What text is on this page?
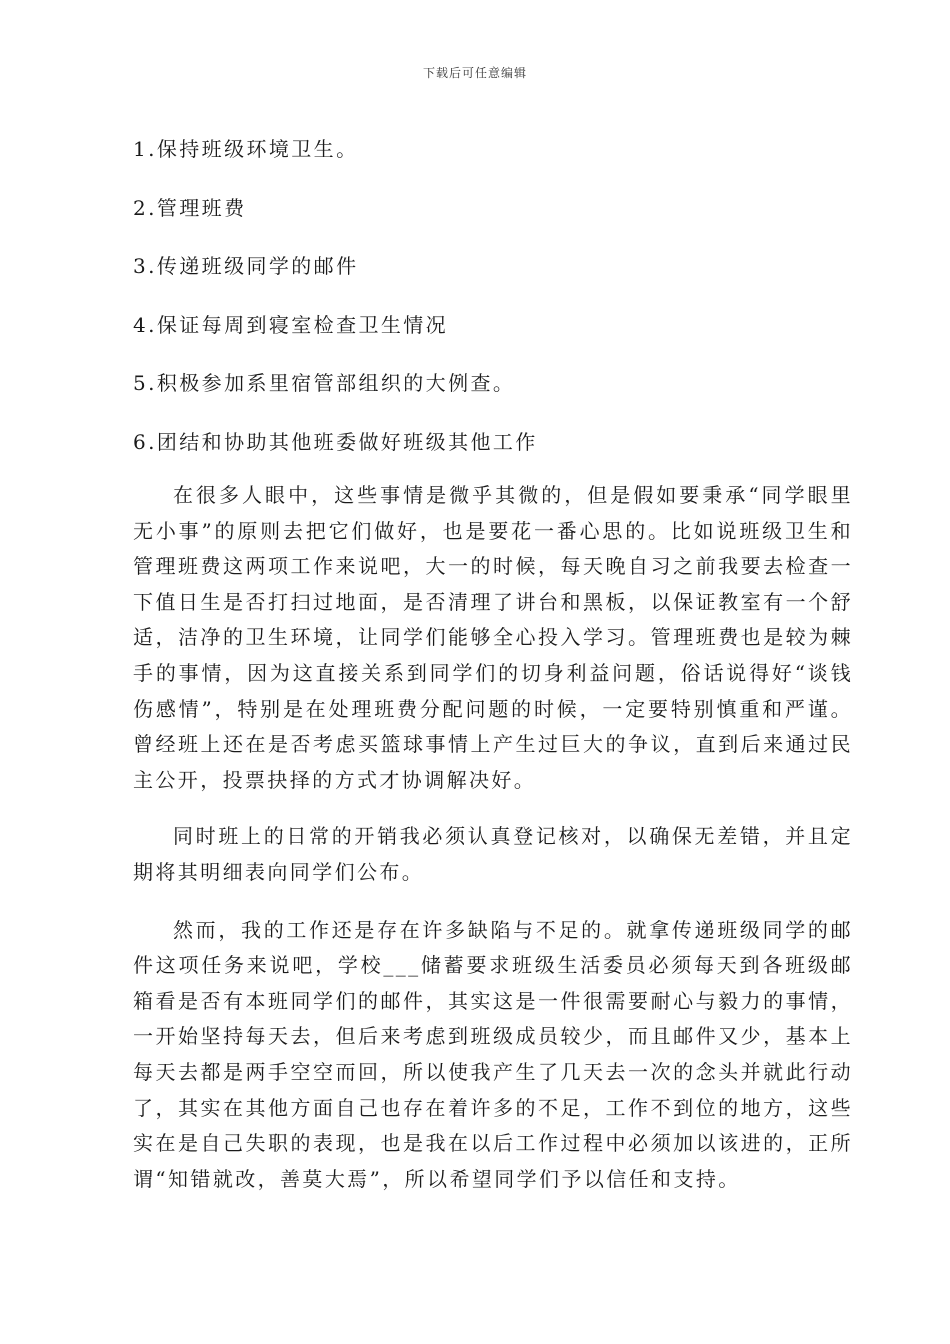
下载后可任意编辑
1.保持班级环境卫生。
2.管理班费
3.传递班级同学的邮件
4.保证每周到寝室检查卫生情况
5.积极参加系里宿管部组织的大例查。
6.团结和协助其他班委做好班级其他工作

在很多人眼中，这些事情是微乎其微的，但是假如要秉承“同学眼里无小事”的原则去把它们做好，也是要花一番心思的。比如说班级卫生和管理班费这两项工作来说吧，大一的时候，每天晚自习之前我要去检查一下值日生是否打扫过地面，是否清理了讲台和黑板，以保证教室有一个舒适，洁净的卫生环境，让同学们能够全心投入学习。管理班费也是较为棘手的事情，因为这直接关系到同学们的切身利益问题，俗话说得好“谈钱伤感情”，特别是在处理班费分配问题的时候，一定要特别慎重和严谨。曾经班上还在是否考虑买篮球事情上产生过巨大的争议，直到后来通过民主公开，投票抉择的方式才协调解决好。

同时班上的日常的开销我必须认真登记核对，以确保无差错，并且定期将其明细表向同学们公布。

然而，我的工作还是存在许多缺陷与不足的。就拿传递班级同学的邮件这项任务来说吧，学校___储蓄要求班级生活委员必须每天到各班级邮箱看是否有本班同学们的邮件，其实这是一件很需要耐心与毅力的事情，一开始坚持每天去，但后来考虑到班级成员较少，而且邮件又少，基本上每天去都是两手空空而回，所以使我产生了几天去一次的念头并就此行动了，其实在其他方面自己也存在着许多的不足，工作不到位的地方，这些实在是自己失职的表现，也是我在以后工作过程中必须加以该进的，正所谓“知错就改，善莫大焉”，所以希望同学们予以信任和支持。
